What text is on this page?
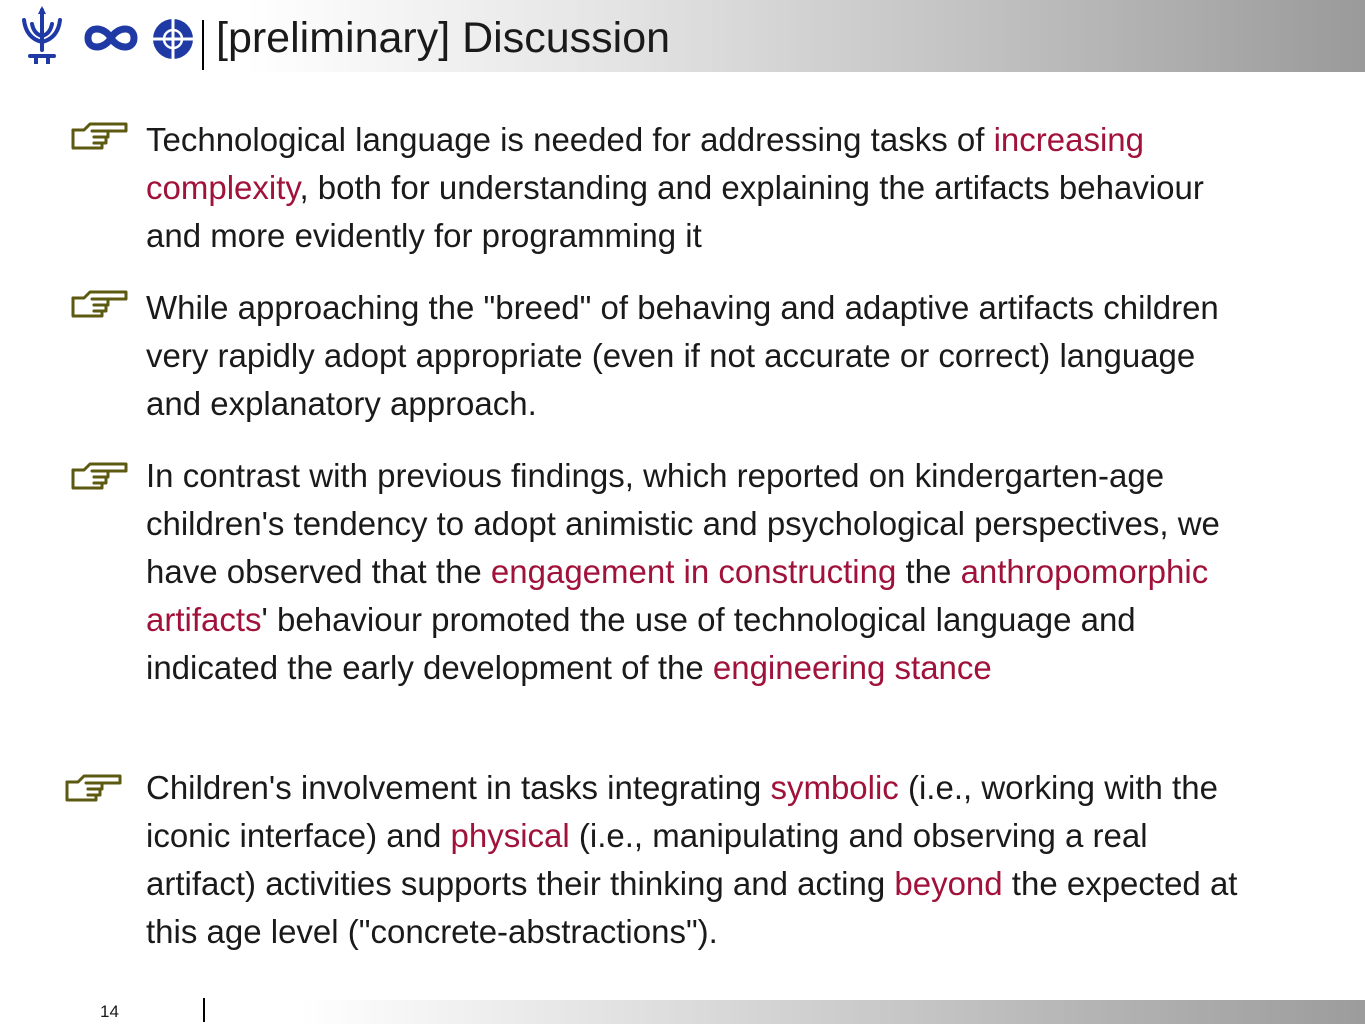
[preliminary] Discussion
Technological language is needed for addressing tasks of increasing complexity, both for understanding and explaining the artifacts behaviour and more evidently for programming it
While approaching the "breed" of behaving and adaptive artifacts children very rapidly adopt appropriate (even if not accurate or correct) language and explanatory approach.
In contrast with previous findings, which reported on kindergarten-age children's tendency to adopt animistic and psychological perspectives, we have observed that the engagement in constructing the anthropomorphic artifacts' behaviour promoted the use of technological language and indicated the early development of the engineering stance
Children's involvement in tasks integrating symbolic (i.e., working with the iconic interface) and physical (i.e., manipulating and observing a real artifact) activities supports their thinking and acting beyond the expected at this age level ("concrete-abstractions").
14
